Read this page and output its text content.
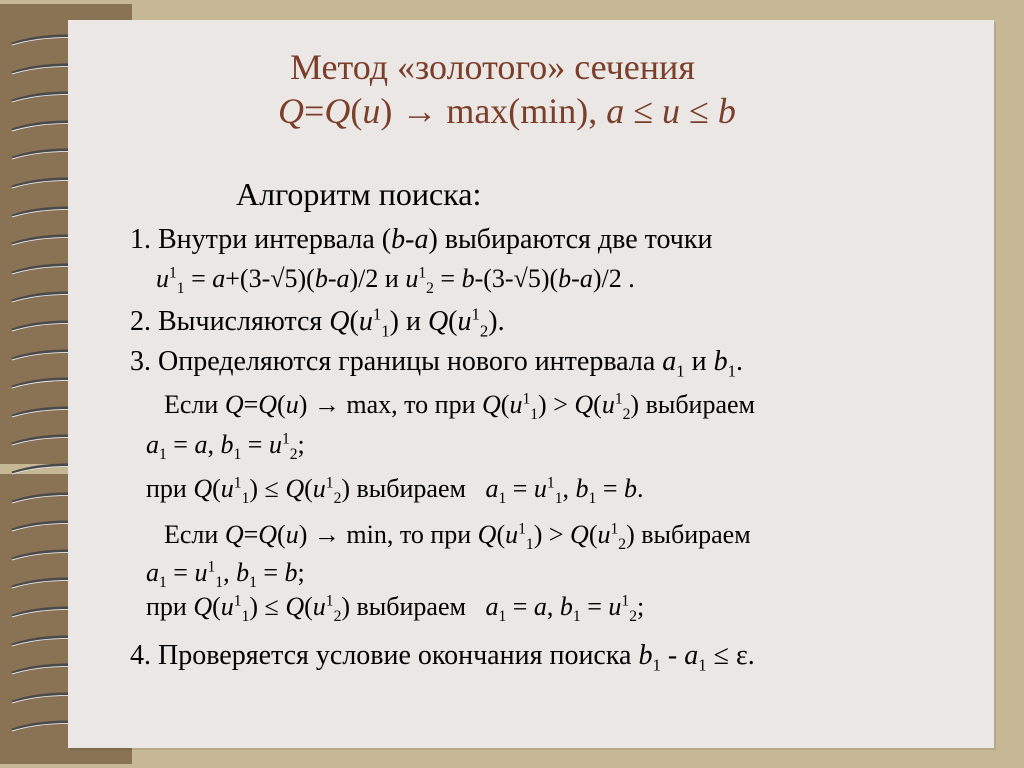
Метод «золотого» сечения
Q=Q(u) → max(min), a ≤ u ≤ b
Алгоритм поиска:
1. Внутри интервала (b-a) выбираются две точки
$u^1_1 = a+(3-√5)(b-a)/2$ и $u^1_2 = b-(3-√5)(b-a)/2$ .
2. Вычисляются $Q(u^1_1)$ и $Q(u^1_2)$.
3. Определяются границы нового интервала $a_1$ и $b_1$.
Если Q=Q(u) → max, то при $Q(u^1_1) > Q(u^1_2)$ выбираем
$a_1 = a$, $b_1 = u^1_2$;
при $Q(u^1_1) \le Q(u^1_2)$ выбираем   $a_1 = u^1_1$, $b_1 = b$.
Если Q=Q(u) → min, то при $Q(u^1_1) > Q(u^1_2)$ выбираем
$a_1 = u^1_1$, $b_1 = b$;
при $Q(u^1_1) \le Q(u^1_2)$ выбираем   $a_1 = a$, $b_1 = u^1_2$;
4. Проверяется условие окончания поиска $b_1 - a_1 \le \varepsilon$.
